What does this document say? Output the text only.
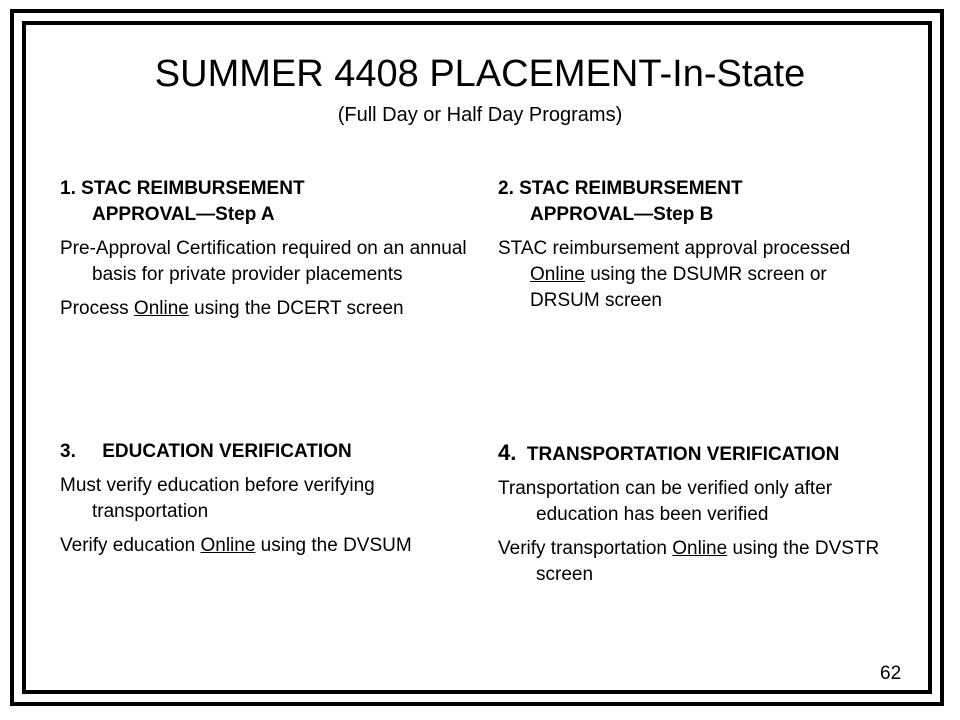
SUMMER 4408 PLACEMENT-In-State
(Full Day or Half Day Programs)
1. STAC REIMBURSEMENT
APPROVAL—Step A
Pre-Approval Certification required on an annual basis for private provider placements
Process Online using the DCERT screen
2. STAC REIMBURSEMENT
APPROVAL—Step B
STAC reimbursement approval processed Online using the DSUMR screen or DRSUM screen
3.     EDUCATION VERIFICATION
Must verify education before verifying transportation
Verify education Online using the DVSUM
4. TRANSPORTATION VERIFICATION
Transportation can be verified only after education has been verified
Verify transportation Online using the DVSTR screen
62
